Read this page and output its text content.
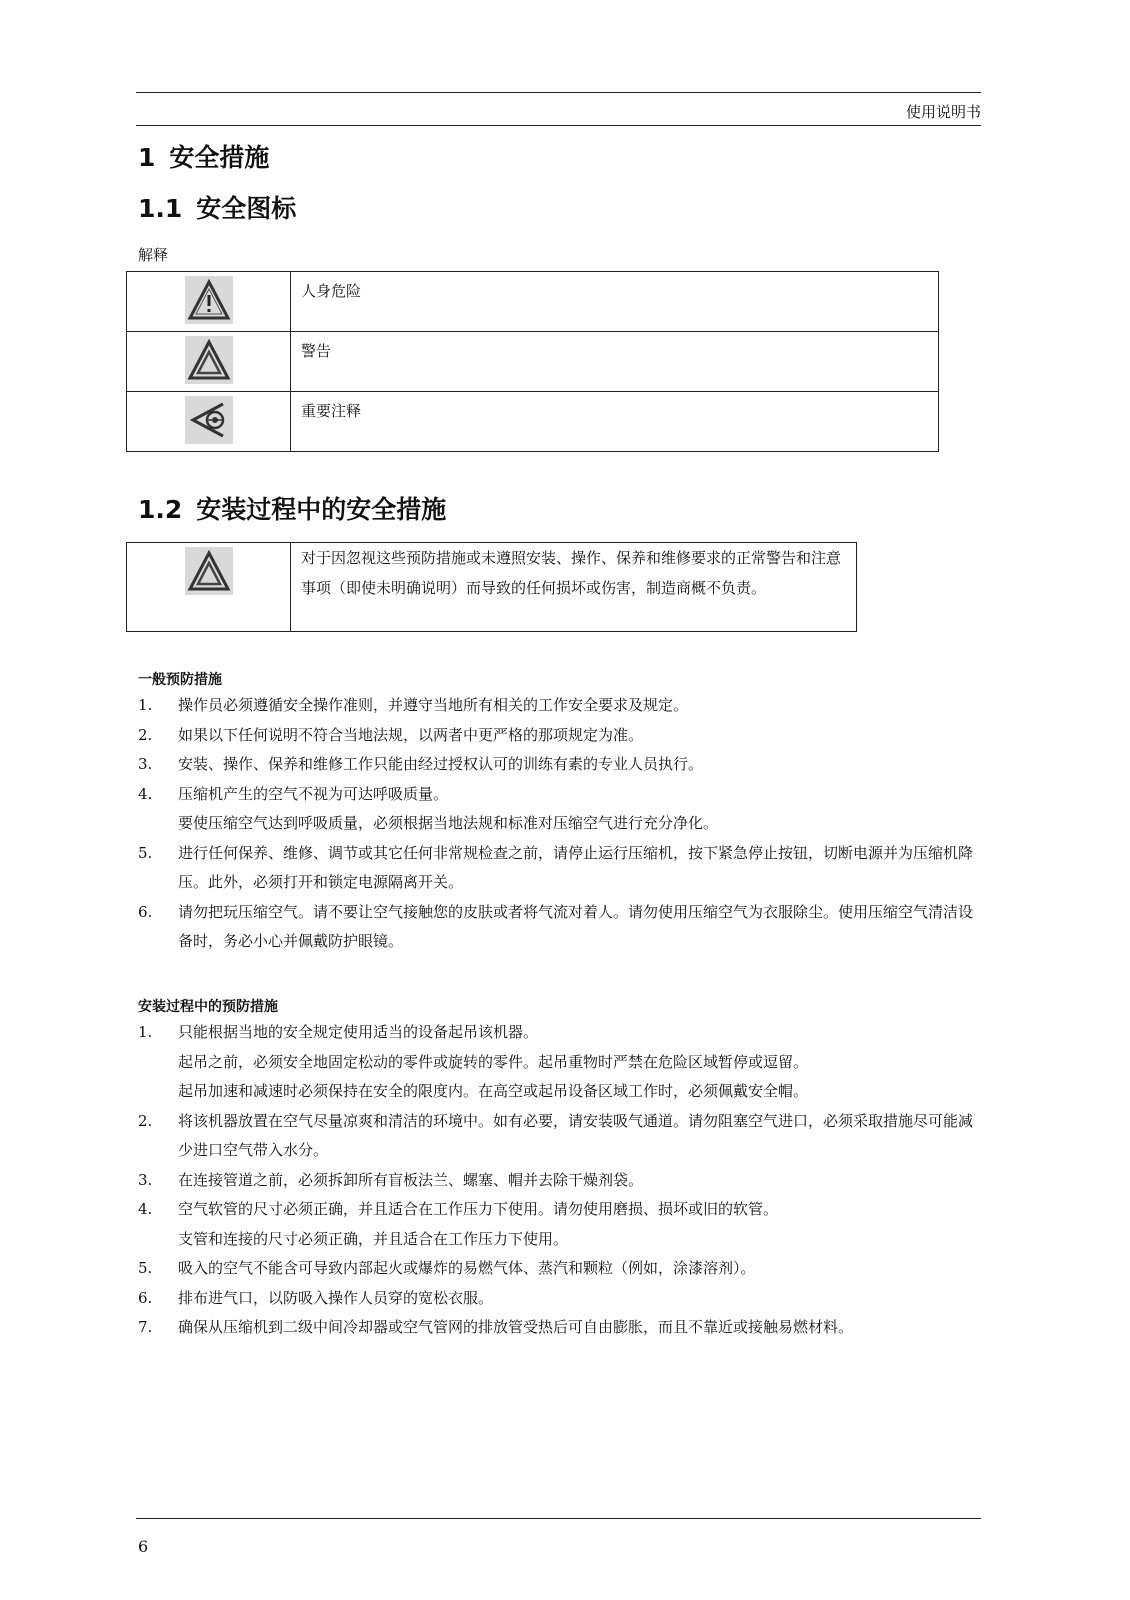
使用说明书
1 安全措施
1.1 安全图标
解释
	人身危险

	警告

	重要注释
1.2 安装过程中的安全措施
	对于因忽视这些预防措施或未遵照安装、操作、保养和维修要求的正常警告和注意事项（即使未明确说明）而导致的任何损坏或伤害，制造商概不负责。
一般预防措施
1. 操作员必须遵循安全操作准则，并遵守当地所有相关的工作安全要求及规定。
2. 如果以下任何说明不符合当地法规，以两者中更严格的那项规定为准。
3. 安装、操作、保养和维修工作只能由经过授权认可的训练有素的专业人员执行。
4. 压缩机产生的空气不视为可达呼吸质量。
要使压缩空气达到呼吸质量，必须根据当地法规和标准对压缩空气进行充分净化。
5. 进行任何保养、维修、调节或其它任何非常规检查之前，请停止运行压缩机，按下紧急停止按钮，切断电源并为压缩机降压。此外，必须打开和锁定电源隔离开关。
6. 请勿把玩压缩空气。请不要让空气接触您的皮肤或者将气流对着人。请勿使用压缩空气为衣服除尘。使用压缩空气清洁设备时，务必小心并佩戴防护眼镜。
安装过程中的预防措施
1. 只能根据当地的安全规定使用适当的设备起吊该机器。
起吊之前，必须安全地固定松动的零件或旋转的零件。起吊重物时严禁在危险区域暂停或逗留。
起吊加速和减速时必须保持在安全的限度内。在高空或起吊设备区域工作时，必须佩戴安全帽。
2. 将该机器放置在空气尽量凉爽和清洁的环境中。如有必要，请安装吸气通道。请勿阻塞空气进口，必须采取措施尽可能减少进口空气带入水分。
3. 在连接管道之前，必须拆卸所有盲板法兰、螺塞、帽并去除干燥剂袋。
4. 空气软管的尺寸必须正确，并且适合在工作压力下使用。请勿使用磨损、损坏或旧的软管。
支管和连接的尺寸必须正确，并且适合在工作压力下使用。
5. 吸入的空气不能含可导致内部起火或爆炸的易燃气体、蒸汽和颗粒（例如，涂漆溶剂）。
6. 排布进气口，以防吸入操作人员穿的宽松衣服。
7. 确保从压缩机到二级中间冷却器或空气管网的排放管受热后可自由膨胀，而且不靠近或接触易燃材料。
6
